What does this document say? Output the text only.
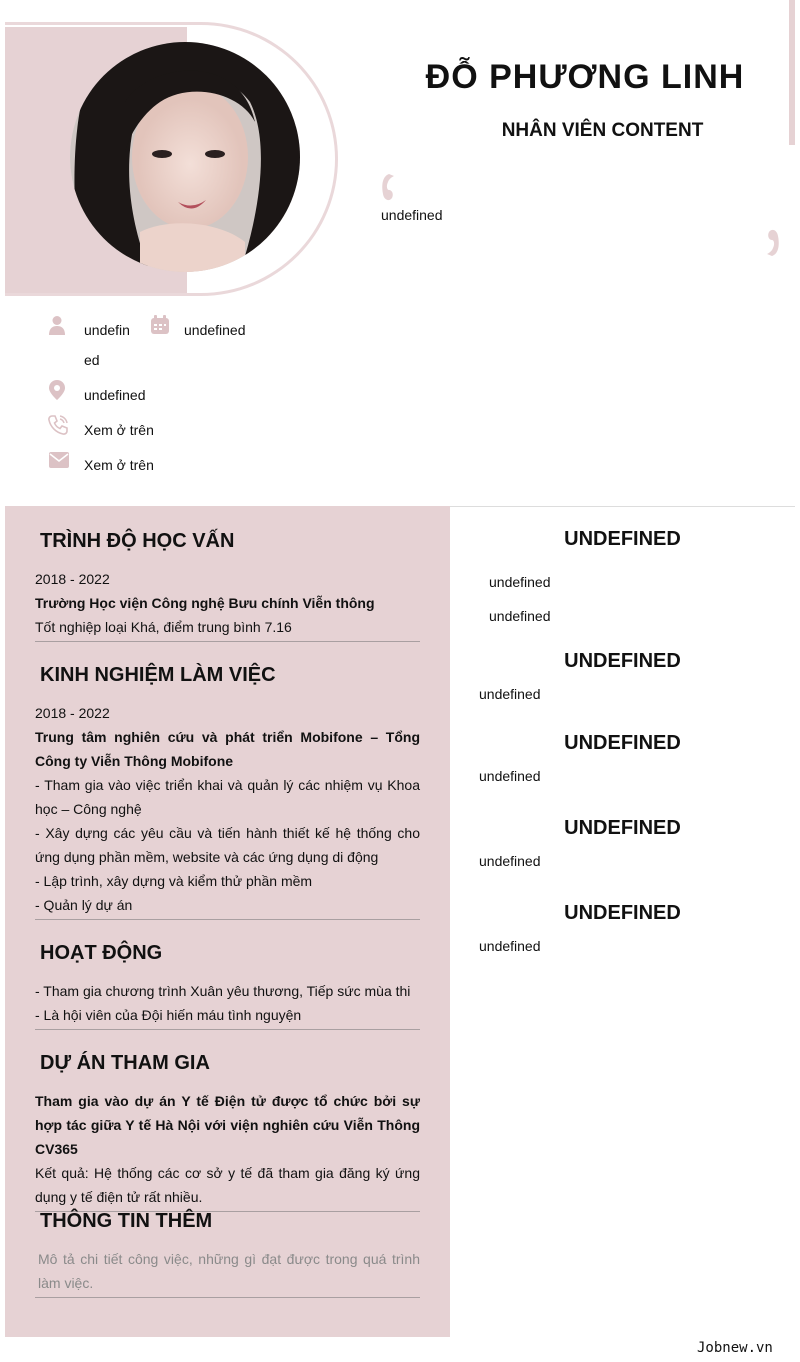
ĐỖ PHƯƠNG LINH
NHÂN VIÊN CONTENT
undefined
undefin
ed
undefined
undefined
Xem ở trên
Xem ở trên
TRÌNH ĐỘ HỌC VẤN
2018 - 2022
Trường Học viện Công nghệ Bưu chính Viễn thông
Tốt nghiệp loại Khá, điểm trung bình 7.16
KINH NGHIỆM LÀM VIỆC
2018 - 2022
Trung tâm nghiên cứu và phát triển Mobifone – Tổng Công ty Viễn Thông Mobifone
- Tham gia vào việc triển khai và quản lý các nhiệm vụ Khoa học – Công nghệ
- Xây dựng các yêu cầu và tiến hành thiết kế hệ thống cho ứng dụng phần mềm, website và các ứng dụng di động
- Lập trình, xây dựng và kiểm thử phần mềm
- Quản lý dự án
HOẠT ĐỘNG
- Tham gia chương trình Xuân yêu thương, Tiếp sức mùa thi
- Là hội viên của Đội hiến máu tình nguyện
DỰ ÁN THAM GIA
Tham gia vào dự án Y tế Điện tử được tổ chức bởi sự hợp tác giữa Y tế Hà Nội với viện nghiên cứu Viễn Thông CV365
Kết quả: Hệ thống các cơ sở y tế đã tham gia đăng ký ứng dụng y tế điện tử rất nhiều.
THÔNG TIN THÊM
Mô tả chi tiết công việc, những gì đạt được trong quá trình làm việc.
UNDEFINED
undefined
undefined
UNDEFINED
undefined
UNDEFINED
undefined
UNDEFINED
undefined
UNDEFINED
undefined
Jobnew.vn
